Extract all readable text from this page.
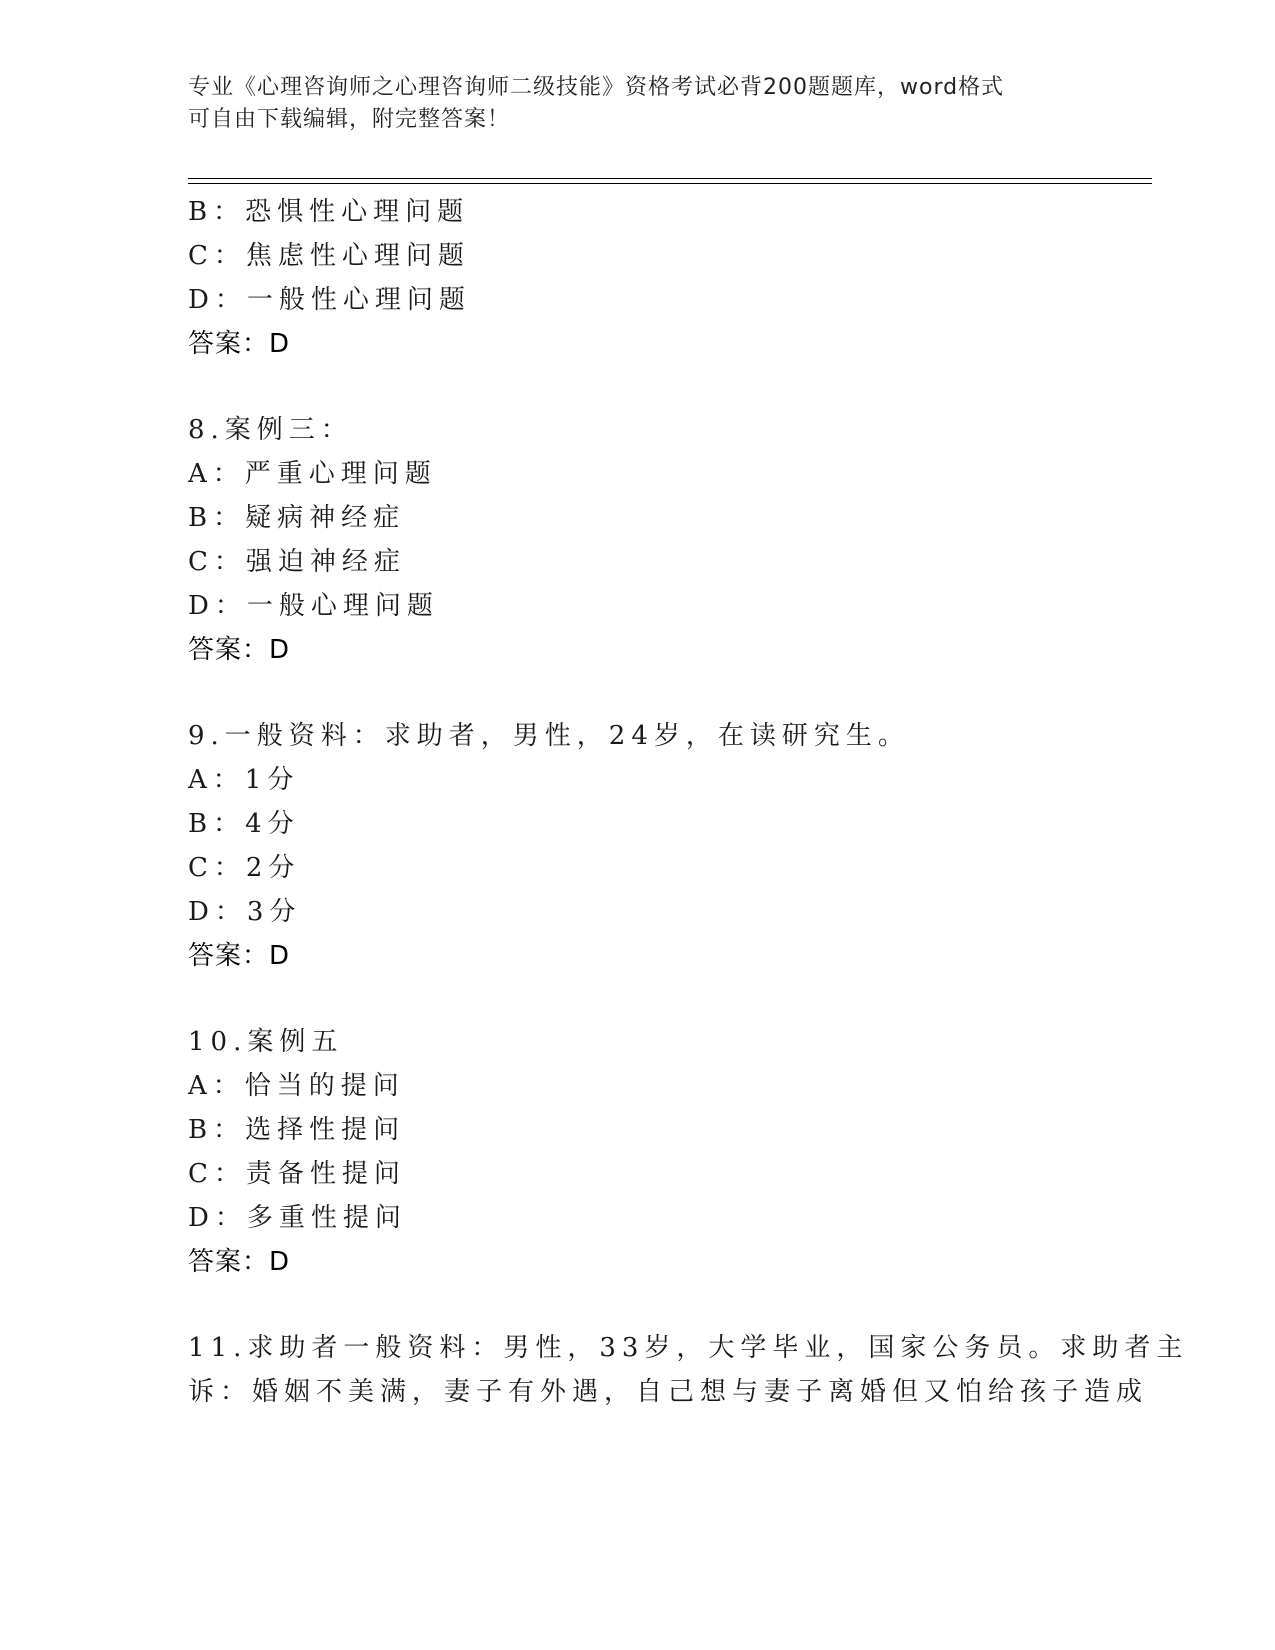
专业《心理咨询师之心理咨询师二级技能》资格考试必背200题题库，word格式
可自由下载编辑，附完整答案！
B：恐惧性心理问题
C：焦虑性心理问题
D：一般性心理问题
答案：D
8.案例三：
A：严重心理问题
B：疑病神经症
C：强迫神经症
D：一般心理问题
答案：D
9.一般资料：求助者，男性，24岁，在读研究生。
A：1分
B：4分
C：2分
D：3分
答案：D
10.案例五
A：恰当的提问
B：选择性提问
C：责备性提问
D：多重性提问
答案：D
11.求助者一般资料：男性，33岁，大学毕业，国家公务员。求助者主
诉：婚姻不美满，妻子有外遇，自己想与妻子离婚但又怕给孩子造成
